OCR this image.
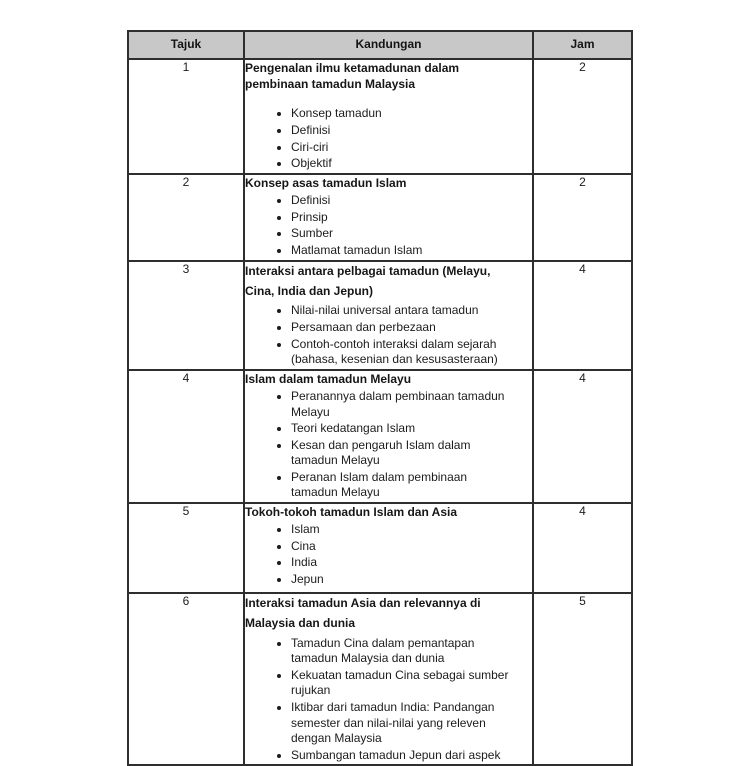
Tajuk	Kandungan	Jam
1	Pengenalan ilmu ketamadunan dalam pembinaan tamadun Malaysia
• Konsep tamadun
• Definisi
• Ciri-ciri
• Objektif
	2
2	Konsep asas tamadun Islam
• Definisi
• Prinsip
• Sumber
• Matlamat tamadun Islam
	2
3	Interaksi antara pelbagai tamadun (Melayu, Cina, India dan Jepun)
• Nilai-nilai universal antara tamadun
• Persamaan dan perbezaan
• Contoh-contoh interaksi dalam sejarah (bahasa, kesenian dan kesusasteraan)
	4
4	Islam dalam tamadun Melayu
• Peranannya dalam pembinaan tamadun Melayu
• Teori kedatangan Islam
• Kesan dan pengaruh Islam dalam tamadun Melayu
• Peranan Islam dalam pembinaan tamadun Melayu
	4
5	Tokoh-tokoh tamadun Islam dan Asia
• Islam
• Cina
• India
• Jepun
	4
6	Interaksi tamadun Asia dan relevannya di Malaysia dan dunia
• Tamadun Cina dalam pemantapan tamadun Malaysia dan dunia
• Kekuatan tamadun Cina sebagai sumber rujukan
• Iktibar dari tamadun India: Pandangan semester dan nilai-nilai yang releven dengan Malaysia
• Sumbangan tamadun Jepun dari aspek
	5
